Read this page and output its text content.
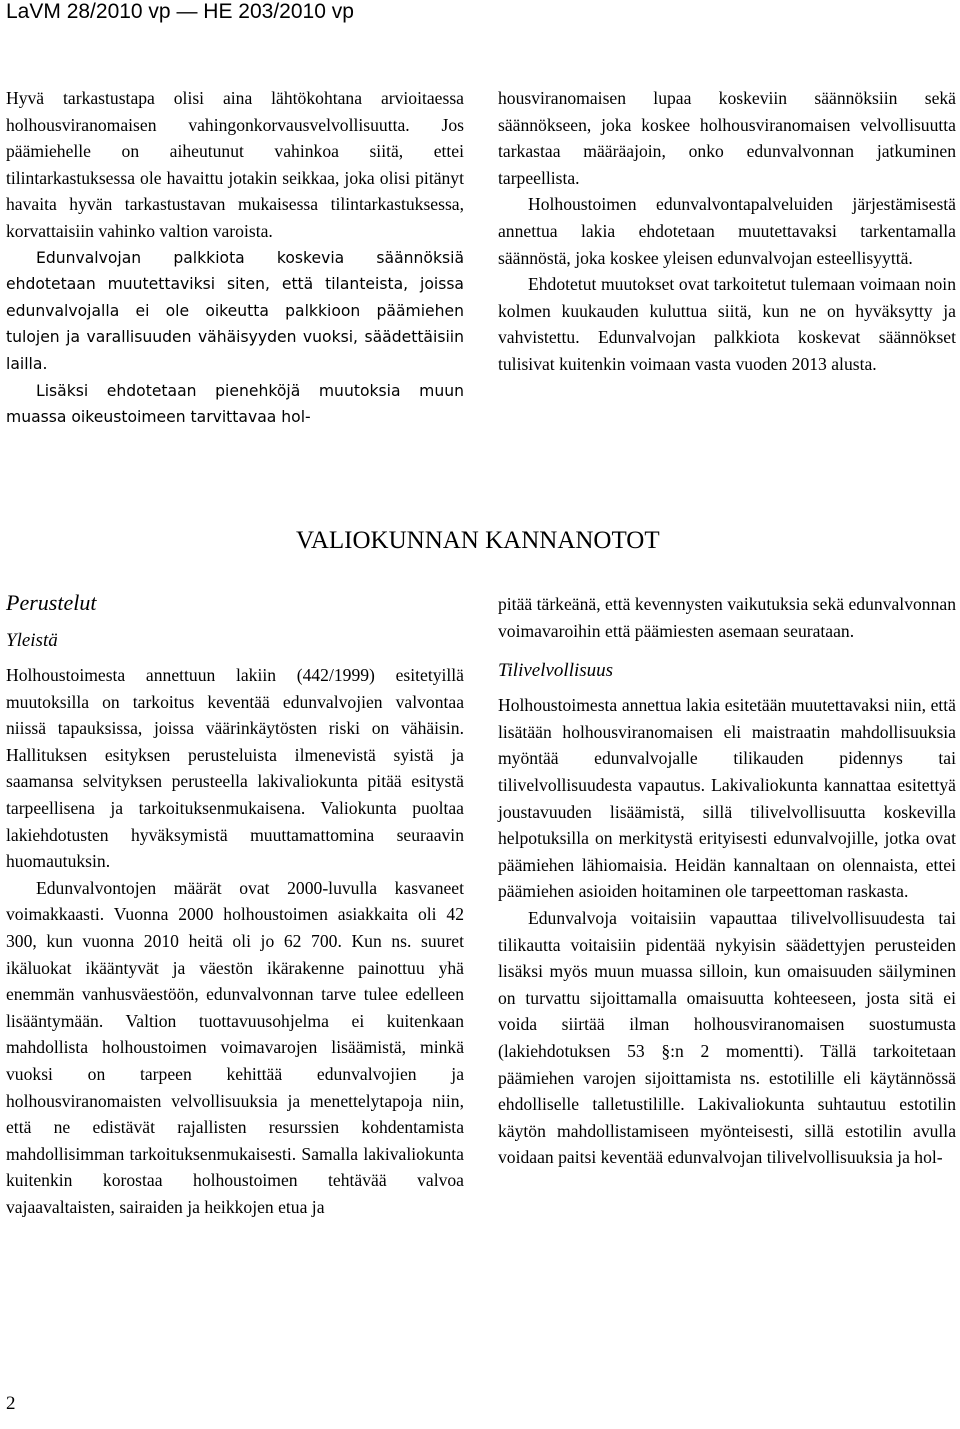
LaVM 28/2010 vp — HE 203/2010 vp

Hyvä tarkastustapa olisi aina lähtökohtana arvioitaessa holhousviranomaisen vahingonkorvausvelvollisuutta. Jos päämiehelle on aiheutunut vahinkoa siitä, ettei tilintarkastuksessa ole havaittu jotakin seikkaa, joka olisi pitänyt havaita hyvän tarkastustavan mukaisessa tilintarkastuksessa, korvattaisiin vahinko valtion varoista.

Edunvalvojan palkkiota koskevia säännöksiä ehdotetaan muutettaviksi siten, että tilanteista, joissa edunvalvojalla ei ole oikeutta palkkioon päämiehen tulojen ja varallisuuden vähäisyyden vuoksi, säädettäisiin lailla.

Lisäksi ehdotetaan pienehköjä muutoksia muun muassa oikeustoimeen tarvittavaa hol-

housviranomaisen lupaa koskeviin säännöksiin sekä säännökseen, joka koskee holhousviranomaisen velvollisuutta tarkastaa määräajoin, onko edunvalvonnan jatkuminen tarpeellista.

Holhoustoimen edunvalvontapalveluiden järjestämisestä annettua lakia ehdotetaan muutettavaksi tarkentamalla säännöstä, joka koskee yleisen edunvalvojan esteellisyyttä.

Ehdotetut muutokset ovat tarkoitetut tulemaan voimaan noin kolmen kuukauden kuluttua siitä, kun ne on hyväksytty ja vahvistettu. Edunvalvojan palkkiota koskevat säännökset tulisivat kuitenkin voimaan vasta vuoden 2013 alusta.

VALIOKUNNAN KANNANOTOT
Perustelut
Yleistä

Holhoustoimesta annettuun lakiin (442/1999) esitetyillä muutoksilla on tarkoitus keventää edunvalvojien valvontaa niissä tapauksissa, joissa väärinkäytösten riski on vähäisin. Hallituksen esityksen perusteluista ilmenevistä syistä ja saamansa selvityksen perusteella lakivaliokunta pitää esitystä tarpeellisena ja tarkoituksenmukaisena. Valiokunta puoltaa lakiehdotusten hyväksymistä muuttamattomina seuraavin huomautuksin.

Edunvalvontojen määrät ovat 2000-luvulla kasvaneet voimakkaasti. Vuonna 2000 holhoustoimen asiakkaita oli 42 300, kun vuonna 2010 heitä oli jo 62 700. Kun ns. suuret ikäluokat ikääntyvät ja väestön ikärakenne painottuu yhä enemmän vanhusväestöön, edunvalvonnan tarve tulee edelleen lisääntymään. Valtion tuottavuusohjelma ei kuitenkaan mahdollista holhoustoimen voimavarojen lisäämistä, minkä vuoksi on tarpeen kehittää edunvalvojien ja holhousviranomaisten velvollisuuksia ja menettelytapoja niin, että ne edistävät rajallisten resurssien kohdentamista mahdollisimman tarkoituksenmukaisesti. Samalla lakivaliokunta kuitenkin korostaa holhoustoimen tehtävää valvoa vajaavaltaisten, sairaiden ja heikkojen etua ja

pitää tärkeänä, että kevennysten vaikutuksia sekä edunvalvonnan voimavaroihin että päämiesten asemaan seurataan.

Tilivelvollisuus

Holhoustoimesta annettua lakia esitetään muutettavaksi niin, että lisätään holhousviranomaisen eli maistraatin mahdollisuuksia myöntää edunvalvojalle tilikauden pidennys tai tilivelvollisuudesta vapautus. Lakivaliokunta kannattaa esitettyä joustavuuden lisäämistä, sillä tilivelvollisuutta koskevilla helpotuksilla on merkitystä erityisesti edunvalvojille, jotka ovat päämiehen lähiomaisia. Heidän kannaltaan on olennaista, ettei päämiehen asioiden hoitaminen ole tarpeettoman raskasta.

Edunvalvoja voitaisiin vapauttaa tilivelvollisuudesta tai tilikautta voitaisiin pidentää nykyisin säädettyjen perusteiden lisäksi myös muun muassa silloin, kun omaisuuden säilyminen on turvattu sijoittamalla omaisuutta kohteeseen, josta sitä ei voida siirtää ilman holhousviranomaisen suostumusta (lakiehdotuksen 53 §:n 2 momentti). Tällä tarkoitetaan päämiehen varojen sijoittamista ns. estotilille eli käytännössä ehdolliselle talletustilille. Lakivaliokunta suhtautuu estotilin käytön mahdollistamiseen myönteisesti, sillä estotilin avulla voidaan paitsi keventää edunvalvojan tilivelvollisuuksia ja hol-

2
